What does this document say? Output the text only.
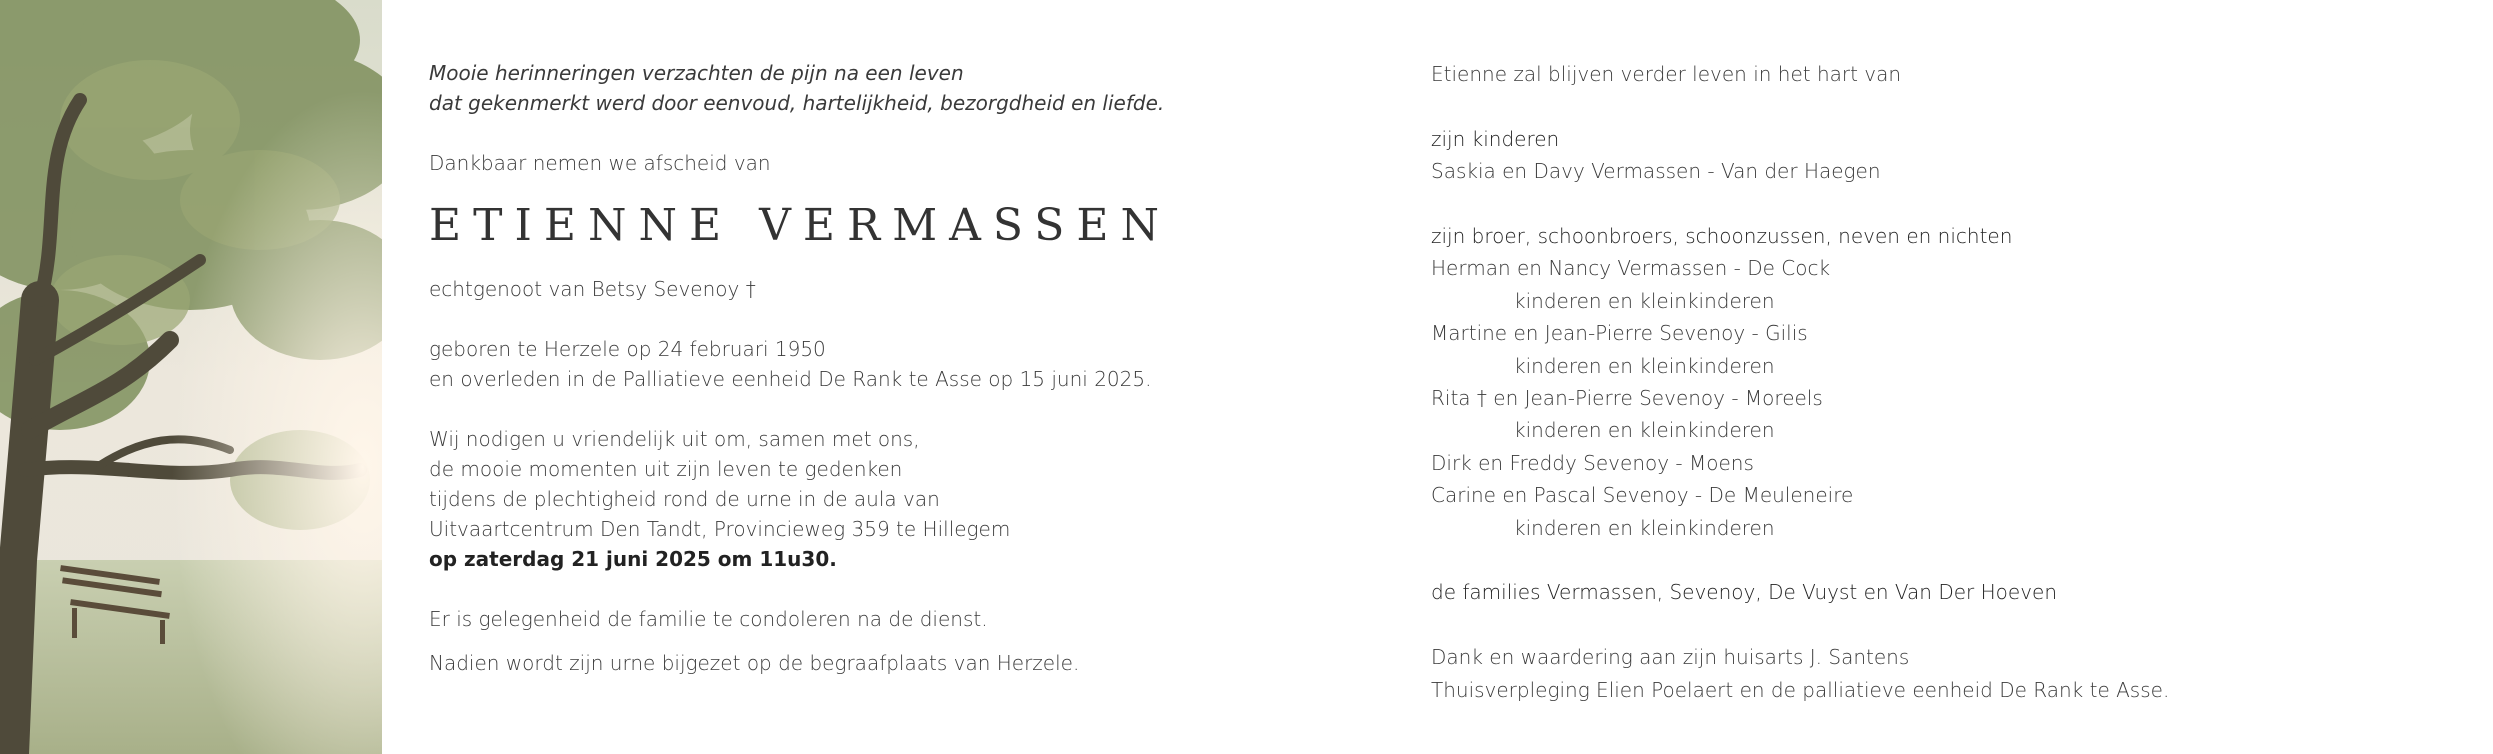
Mooie herinneringen verzachten de pijn na een leven
dat gekenmerkt werd door eenvoud, hartelijkheid, bezorgdheid en liefde.
Dankbaar nemen we afscheid van
ETIENNE VERMASSEN
echtgenoot van Betsy Sevenoy †
geboren te Herzele op 24 februari 1950
en overleden in de Palliatieve eenheid De Rank te Asse op 15 juni 2025.
Wij nodigen u vriendelijk uit om, samen met ons,
de mooie momenten uit zijn leven te gedenken
tijdens de plechtigheid rond de urne in de aula van
Uitvaartcentrum Den Tandt, Provincieweg 359 te Hillegem
op zaterdag 21 juni 2025 om 11u30.
Er is gelegenheid de familie te condoleren na de dienst.
Nadien wordt zijn urne bijgezet op de begraafplaats van Herzele.
Etienne zal blijven verder leven in het hart van
zijn kinderen
Saskia en Davy Vermassen - Van der Haegen
zijn broer, schoonbroers, schoonzussen, neven en nichten
Herman en Nancy Vermassen - De Cock
kinderen en kleinkinderen
Martine en Jean-Pierre Sevenoy - Gilis
kinderen en kleinkinderen
Rita † en Jean-Pierre Sevenoy - Moreels
kinderen en kleinkinderen
Dirk en Freddy Sevenoy - Moens
Carine en Pascal Sevenoy - De Meuleneire
kinderen en kleinkinderen
de families Vermassen, Sevenoy, De Vuyst en Van Der Hoeven
Dank en waardering aan zijn huisarts J. Santens
Thuisverpleging Elien Poelaert en de palliatieve eenheid De Rank te Asse.
